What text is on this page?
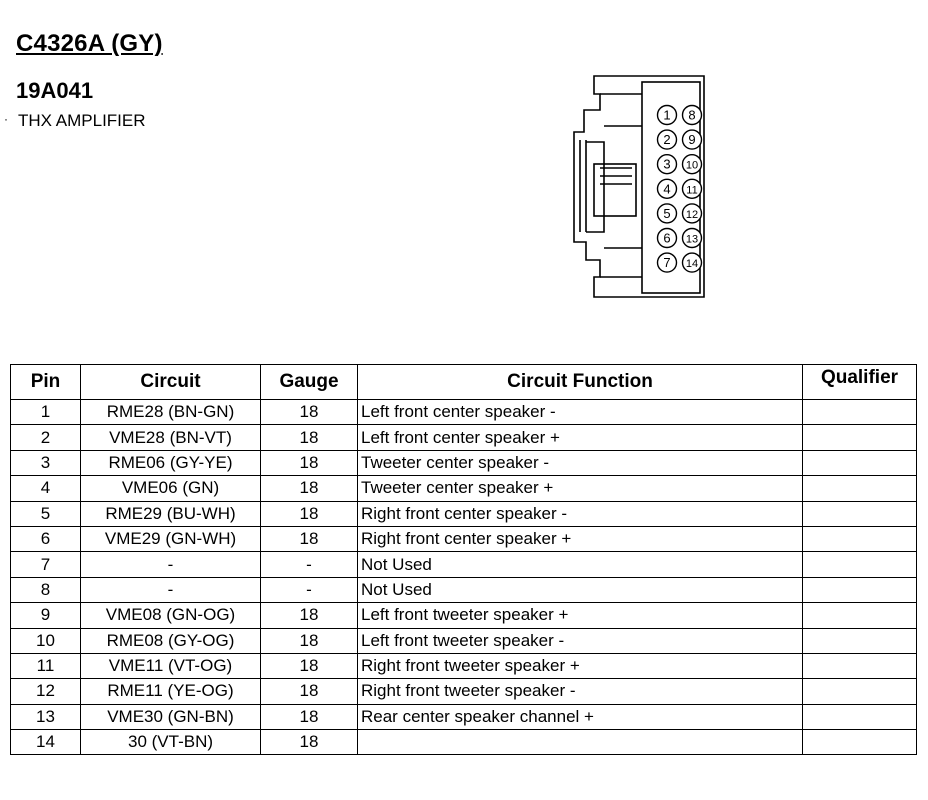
·
C4326A (GY)
19A041
THX AMPLIFIER	1
2
3
4
5
6
7
8
9
10
11
12
13
14
Pin	Circuit	Gauge	Circuit Function	Qualifier
1	RME28 (BN-GN)	18	Left front center speaker -	
2	VME28 (BN-VT)	18	Left front center speaker +	
3	RME06 (GY-YE)	18	Tweeter center speaker -	
4	VME06 (GN)	18	Tweeter center speaker +	
5	RME29 (BU-WH)	18	Right front center speaker -	
6	VME29 (GN-WH)	18	Right front center speaker +	
7	-	-	Not Used	
8	-	-	Not Used	
9	VME08 (GN-OG)	18	Left front tweeter speaker +	
10	RME08 (GY-OG)	18	Left front tweeter speaker -	
11	VME11 (VT-OG)	18	Right front tweeter speaker +	
12	RME11 (YE-OG)	18	Right front tweeter speaker -	
13	VME30 (GN-BN)	18	Rear center speaker channel +	
14	30 (VT-BN)	18		
